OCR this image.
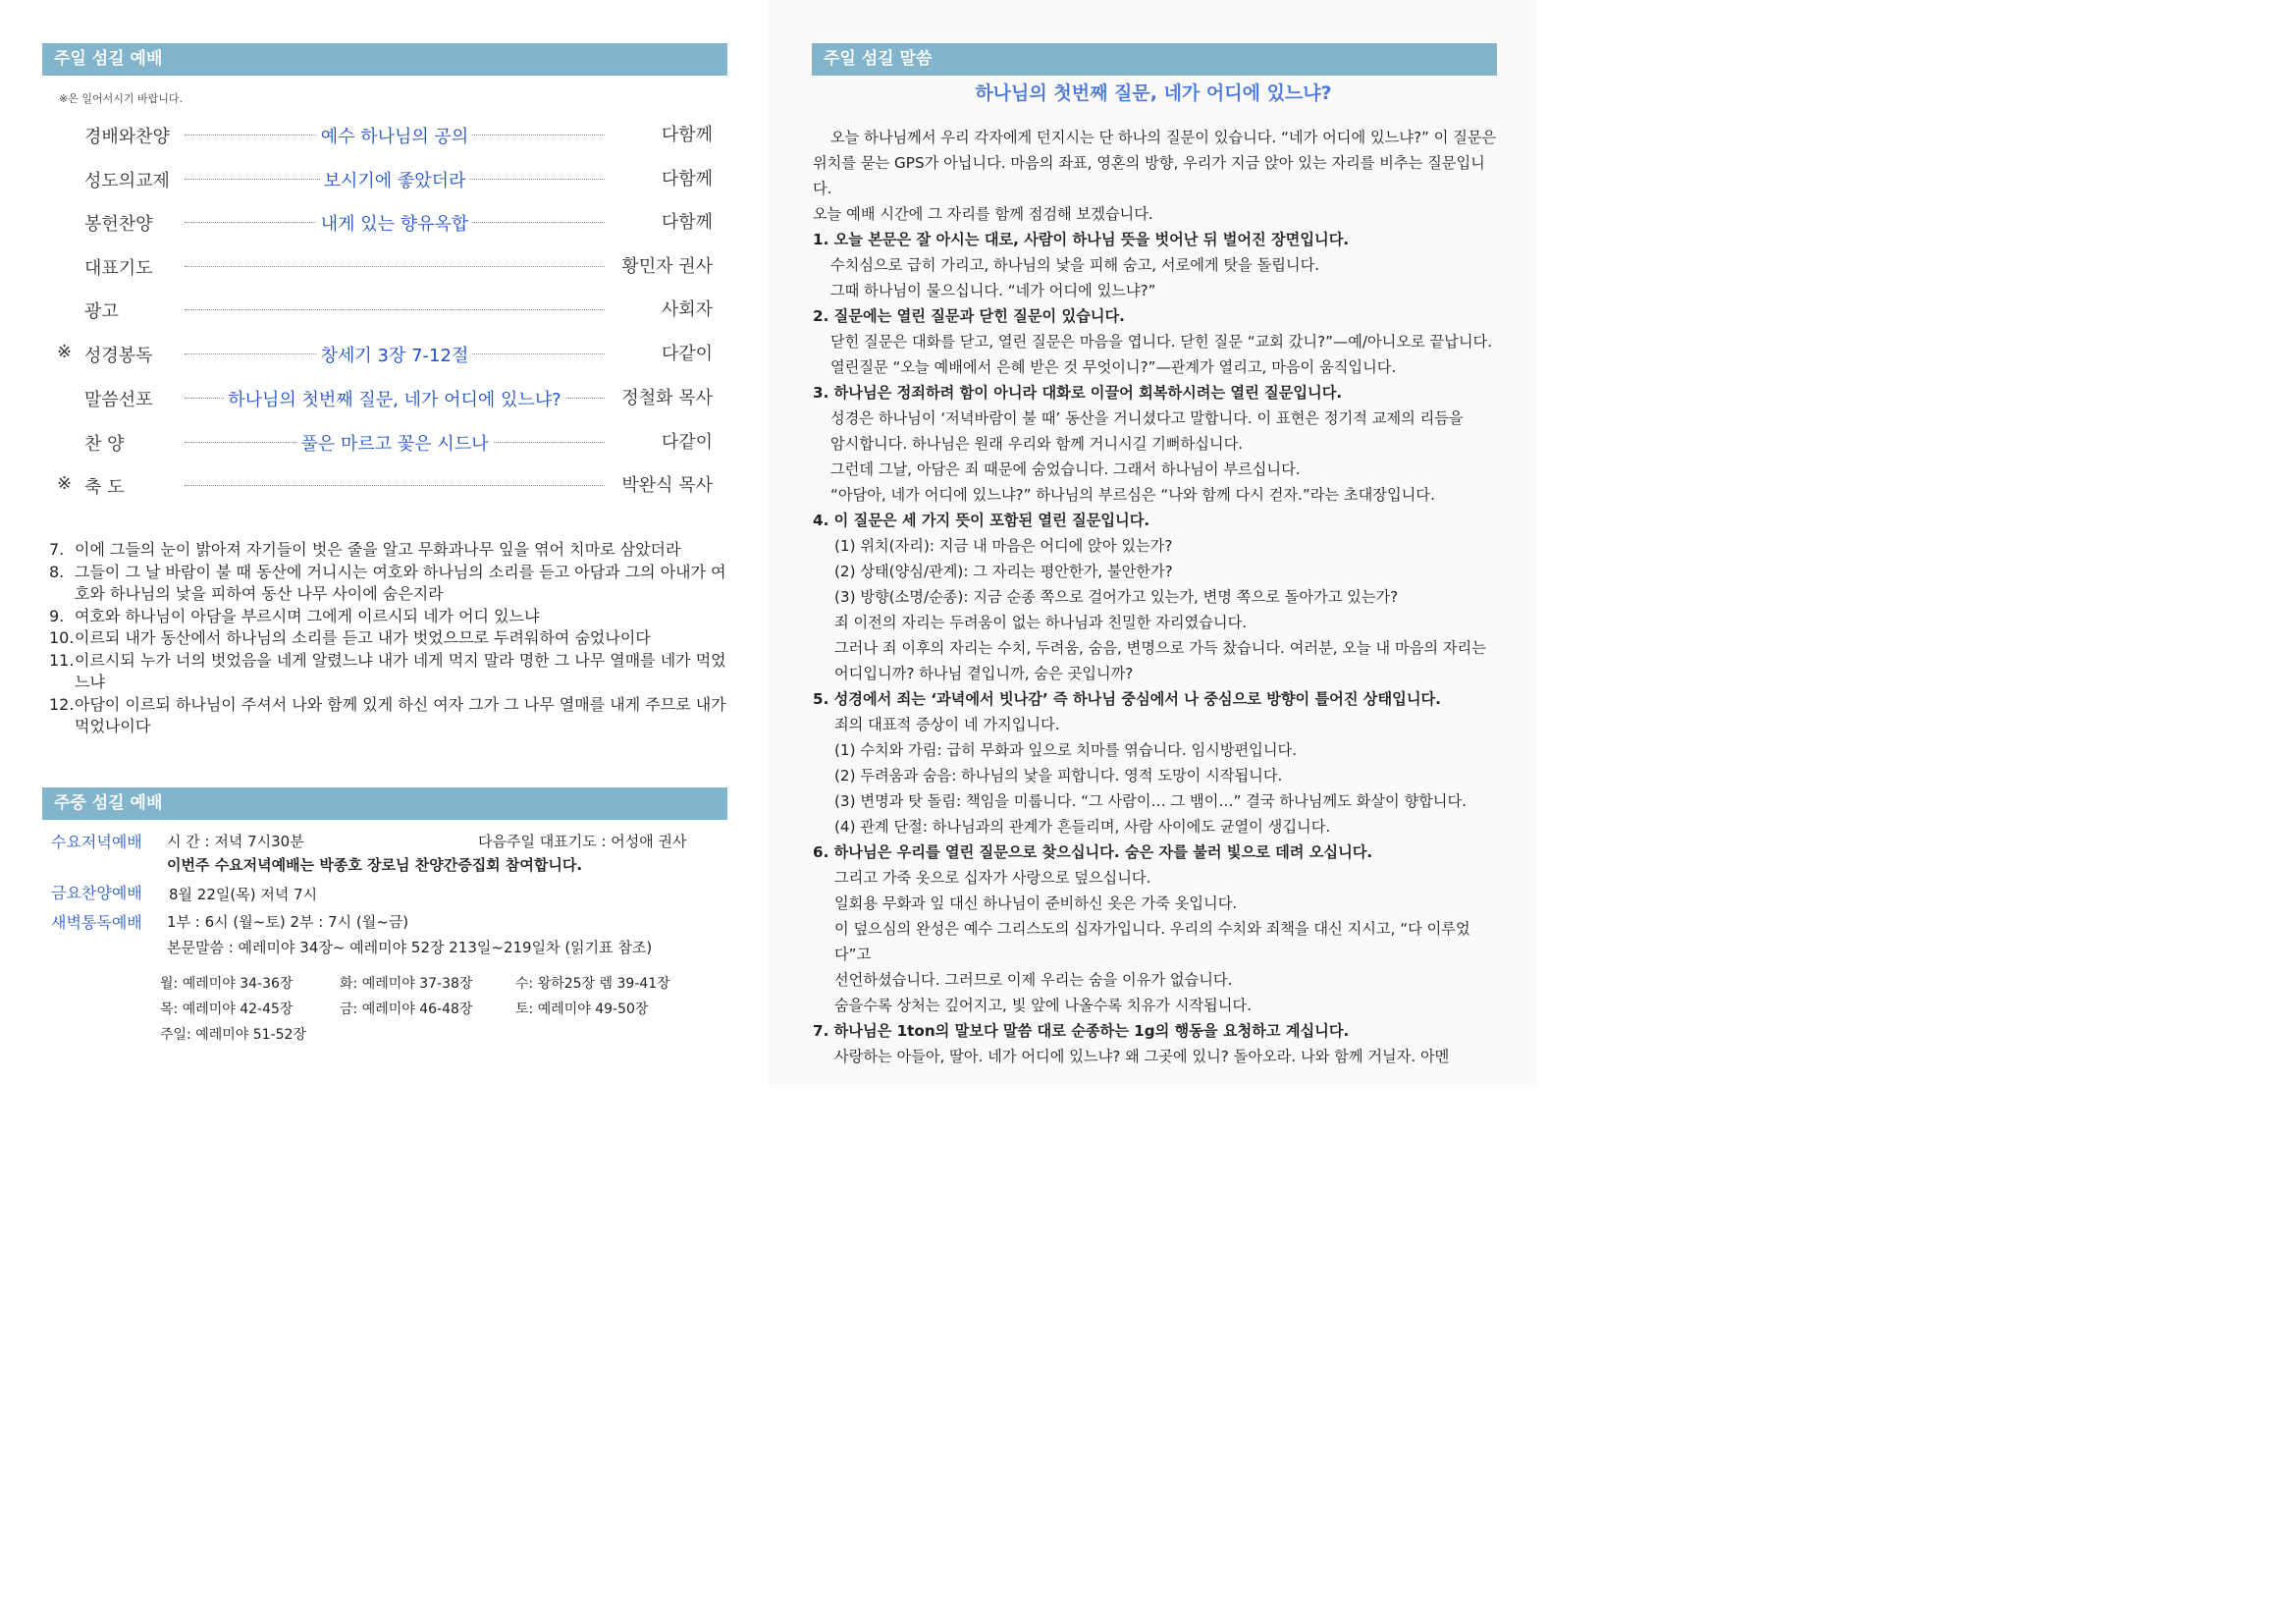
주일 섬길 예배
※은 일어서시기 바랍니다.
경배와찬양	예수 하나님의 공의	다함께
성도의교제	보시기에 좋았더라	다함께
봉헌찬양	내게 있는 향유옥합	다함께
대표기도	황민자 권사
광고	사회자
※ 성경봉독	창세기 3장 7-12절	다같이
말씀선포	하나님의 첫번째 질문, 네가 어디에 있느냐?	정철화 목사
찬 양	풀은 마르고 꽃은 시드나	다같이
※ 축 도	박완식 목사
7. 이에 그들의 눈이 밝아져 자기들이 벗은 줄을 알고 무화과나무 잎을 엮어 치마로 삼았더라
8. 그들이 그 날 바람이 불 때 동산에 거니시는 여호와 하나님의 소리를 듣고 아담과 그의 아내가 여호와 하나님의 낯을 피하여 동산 나무 사이에 숨은지라
9. 여호와 하나님이 아담을 부르시며 그에게 이르시되 네가 어디 있느냐
10. 이르되 내가 동산에서 하나님의 소리를 듣고 내가 벗었으므로 두려워하여 숨었나이다
11. 이르시되 누가 너의 벗었음을 네게 알렸느냐 내가 네게 먹지 말라 명한 그 나무 열매를 네가 먹었느냐
12. 아담이 이르되 하나님이 주셔서 나와 함께 있게 하신 여자 그가 그 나무 열매를 내게 주므로 내가 먹었나이다
주중 섬길 예배
수요저녁예배 시 간 : 저녁 7시30분	다음주일 대표기도 : 어성애 권사
이번주 수요저녁예배는 박종호 장로님 찬양간증집회 참여합니다.
금요찬양예배 8월 22일(목) 저녁 7시
새벽통독예배 1부 : 6시 (월~토) 2부 : 7시 (월~금)
본문말씀 : 예레미야 34장~ 예레미야 52장 213일~219일차 (읽기표 참조)
월: 예레미야 34-36장	화: 예레미야 37-38장	수: 왕하25장 렘 39-41장
목: 예레미야 42-45장	금: 예레미야 46-48장	토: 예레미야 49-50장
주일: 예레미야 51-52장
주일 섬길 말씀
하나님의 첫번째 질문, 네가 어디에 있느냐?

오늘 하나님께서 우리 각자에게 던지시는 단 하나의 질문이 있습니다. “네가 어디에 있느냐?” 이 질문은

위치를 묻는 GPS가 아닙니다. 마음의 좌표, 영혼의 방향, 우리가 지금 앉아 있는 자리를 비추는 질문입니다.

오늘 예배 시간에 그 자리를 함께 점검해 보겠습니다.

1. 오늘 본문은 잘 아시는 대로, 사람이 하나님 뜻을 벗어난 뒤 벌어진 장면입니다.

수치심으로 급히 가리고, 하나님의 낯을 피해 숨고, 서로에게 탓을 돌립니다.

그때 하나님이 물으십니다. “네가 어디에 있느냐?”

2. 질문에는 열린 질문과 닫힌 질문이 있습니다.

닫힌 질문은 대화를 닫고, 열린 질문은 마음을 엽니다. 닫힌 질문 “교회 갔니?”—예/아니오로 끝납니다.

열린질문 “오늘 예배에서 은혜 받은 것 무엇이니?”—관계가 열리고, 마음이 움직입니다.

3. 하나님은 정죄하려 함이 아니라 대화로 이끌어 회복하시려는 열린 질문입니다.

성경은 하나님이 ‘저녁바람이 불 때’ 동산을 거니셨다고 말합니다. 이 표현은 정기적 교제의 리듬을

암시합니다. 하나님은 원래 우리와 함께 거니시길 기뻐하십니다.

그런데 그날, 아담은 죄 때문에 숨었습니다. 그래서 하나님이 부르십니다.

“아담아, 네가 어디에 있느냐?” 하나님의 부르심은 “나와 함께 다시 걷자.”라는 초대장입니다.

4. 이 질문은 세 가지 뜻이 포함된 열린 질문입니다.

(1) 위치(자리): 지금 내 마음은 어디에 앉아 있는가?

(2) 상태(양심/관계): 그 자리는 평안한가, 불안한가?

(3) 방향(소명/순종): 지금 순종 쪽으로 걸어가고 있는가, 변명 쪽으로 돌아가고 있는가?

죄 이전의 자리는 두려움이 없는 하나님과 친밀한 자리였습니다.

그러나 죄 이후의 자리는 수치, 두려움, 숨음, 변명으로 가득 찼습니다. 여러분, 오늘 내 마음의 자리는

어디입니까? 하나님 곁입니까, 숨은 곳입니까?

5. 성경에서 죄는 ‘과녁에서 빗나감’ 즉 하나님 중심에서 나 중심으로 방향이 틀어진 상태입니다.

죄의 대표적 증상이 네 가지입니다.

(1) 수치와 가림: 급히 무화과 잎으로 치마를 엮습니다. 임시방편입니다.

(2) 두려움과 숨음: 하나님의 낯을 피합니다. 영적 도망이 시작됩니다.

(3) 변명과 탓 돌림: 책임을 미룹니다. “그 사람이… 그 뱀이…” 결국 하나님께도 화살이 향합니다.

(4) 관계 단절: 하나님과의 관계가 흔들리며, 사람 사이에도 균열이 생깁니다.

6. 하나님은 우리를 열린 질문으로 찾으십니다. 숨은 자를 불러 빛으로 데려 오십니다.

그리고 가죽 옷으로 십자가 사랑으로 덮으십니다.

일회용 무화과 잎 대신 하나님이 준비하신 옷은 가죽 옷입니다.

이 덮으심의 완성은 예수 그리스도의 십자가입니다. 우리의 수치와 죄책을 대신 지시고, “다 이루었다”고

선언하셨습니다. 그러므로 이제 우리는 숨을 이유가 없습니다.

숨을수록 상처는 깊어지고, 빛 앞에 나올수록 치유가 시작됩니다.

7. 하나님은 1ton의 말보다 말씀 대로 순종하는 1g의 행동을 요청하고 계십니다.

사랑하는 아들아, 딸아. 네가 어디에 있느냐? 왜 그곳에 있니? 돌아오라. 나와 함께 거닐자. 아멘
